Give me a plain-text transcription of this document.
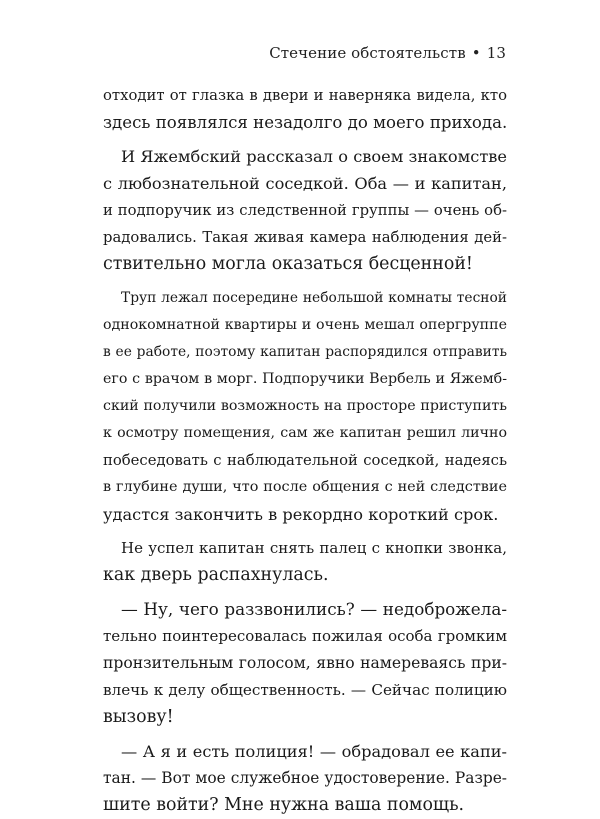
Стечение обстоятельств • 13
отходит от глазка в двери и наверняка видела, кто
здесь появлялся незадолго до моего прихода.
И Яжембский рассказал о своем знакомстве
с любознательной соседкой. Оба — и капитан,
и подпоручик из следственной группы — очень об-
радовались. Такая живая камера наблюдения дей-
ствительно могла оказаться бесценной!
Труп лежал посередине небольшой комнаты тесной
однокомнатной квартиры и очень мешал опергруппе
в ее работе, поэтому капитан распорядился отправить
его с врачом в морг. Подпоручики Вербель и Яжемб-
ский получили возможность на просторе приступить
к осмотру помещения, сам же капитан решил лично
побеседовать с наблюдательной соседкой, надеясь
в глубине души, что после общения с ней следствие
удастся закончить в рекордно короткий срок.
Не успел капитан снять палец с кнопки звонка,
как дверь распахнулась.
— Ну, чего раззвонились? — недоброжела-
тельно поинтересовалась пожилая особа громким
пронзительным голосом, явно намереваясь при-
влечь к делу общественность. — Сейчас полицию
вызову!
— А я и есть полиция! — обрадовал ее капи-
тан. — Вот мое служебное удостоверение. Разре-
шите войти? Мне нужна ваша помощь.
